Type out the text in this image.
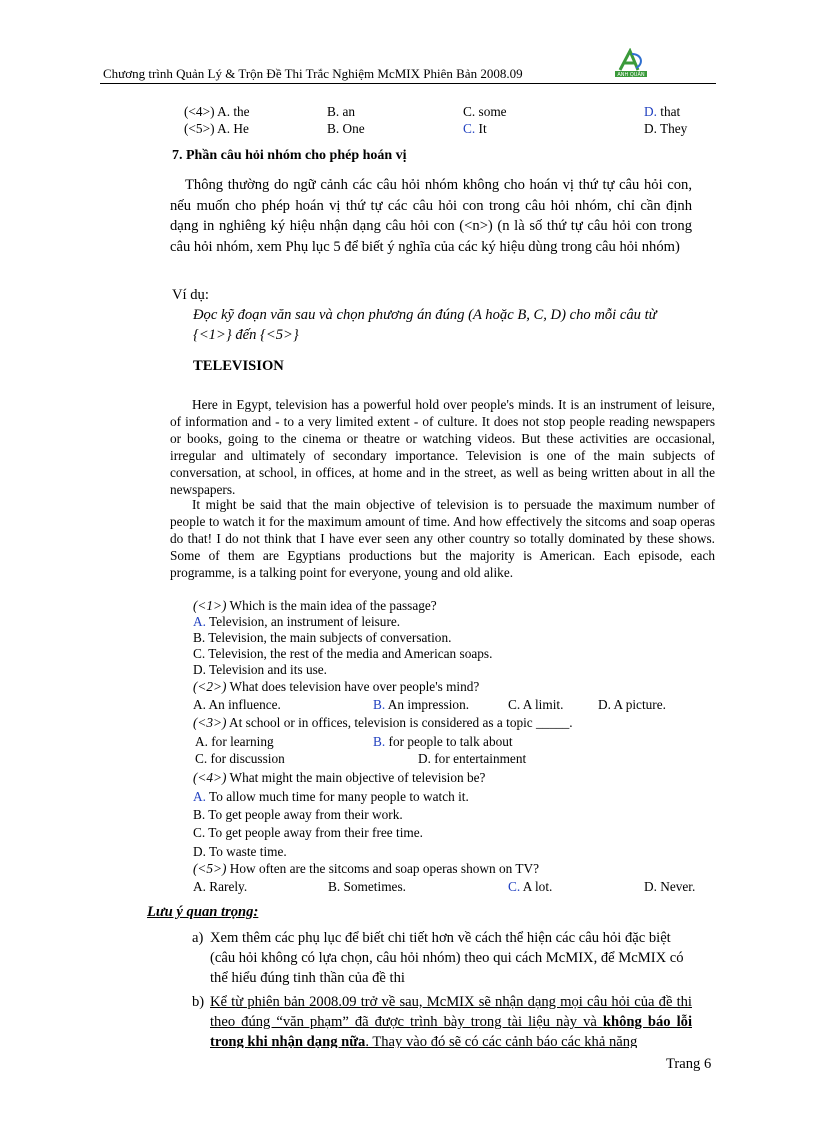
Chương trình Quản Lý & Trộn Đề Thi Trắc Nghiệm McMIX Phiên Bản 2008.09	ANH QUÂN
(<4>) A. the	B. an	C. some	D. that
(<5>) A. He	B. One	C. It	D. They
7. Phần câu hỏi nhóm cho phép hoán vị
Thông thường do ngữ cảnh các câu hỏi nhóm không cho hoán vị thứ tự câu hỏi con, nếu muốn cho phép hoán vị thứ tự các câu hỏi con trong câu hỏi nhóm, chỉ cần định dạng in nghiêng ký hiệu nhận dạng câu hỏi con (<n>) (n là số thứ tự câu hỏi con trong câu hỏi nhóm, xem Phụ lục 5 để biết ý nghĩa của các ký hiệu dùng trong câu hỏi nhóm)
Ví dụ:
Đọc kỹ đoạn văn sau và chọn phương án đúng (A hoặc B, C, D) cho mỗi câu từ {<1>} đến {<5>}
TELEVISION
Here in Egypt, television has a powerful hold over people's minds. It is an instrument of leisure, of information and - to a very limited extent - of culture. It does not stop people reading newspapers or books, going to the cinema or theatre or watching videos. But these activities are occasional, irregular and ultimately of secondary importance. Television is one of the main subjects of conversation, at school, in offices, at home and in the street, as well as being written about in all the newspapers.
It might be said that the main objective of television is to persuade the maximum number of people to watch it for the maximum amount of time. And how effectively the sitcoms and soap operas do that! I do not think that I have ever seen any other country so totally dominated by these shows. Some of them are Egyptians productions but the majority is American. Each episode, each programme, is a talking point for everyone, young and old alike.
(<1>) Which is the main idea of the passage?
A. Television, an instrument of leisure.
B. Television, the main subjects of conversation.
C. Television, the rest of the media and American soaps.
D. Television and its use.
(<2>) What does television have over people's mind?
A. An influence.	B. An impression.	C. A limit.	D. A picture.
(<3>) At school or in offices, television is considered as a topic _____.
A. for learning	B. for people to talk about
C. for discussion	D. for entertainment
(<4>) What might the main objective of television be?
A. To allow much time for many people to watch it.
B. To get people away from their work.
C. To get people away from their free time.
D. To waste time.
(<5>) How often are the sitcoms and soap operas shown on TV?
A. Rarely.	B. Sometimes.	C. A lot.	D. Never.
Lưu ý quan trọng:
a) Xem thêm các phụ lục để biết chi tiết hơn về cách thể hiện các câu hỏi đặc biệt (câu hỏi không có lựa chọn, câu hỏi nhóm) theo qui cách McMIX, để McMIX có thể hiểu đúng tinh thần của đề thi
b) Kể từ phiên bản 2008.09 trở về sau, McMIX sẽ nhận dạng mọi câu hỏi của đề thi theo đúng “văn phạm” đã được trình bày trong tài liệu này và không báo lỗi trong khi nhận dạng nữa. Thay vào đó sẽ có các cảnh báo các khả năng
Trang 6
